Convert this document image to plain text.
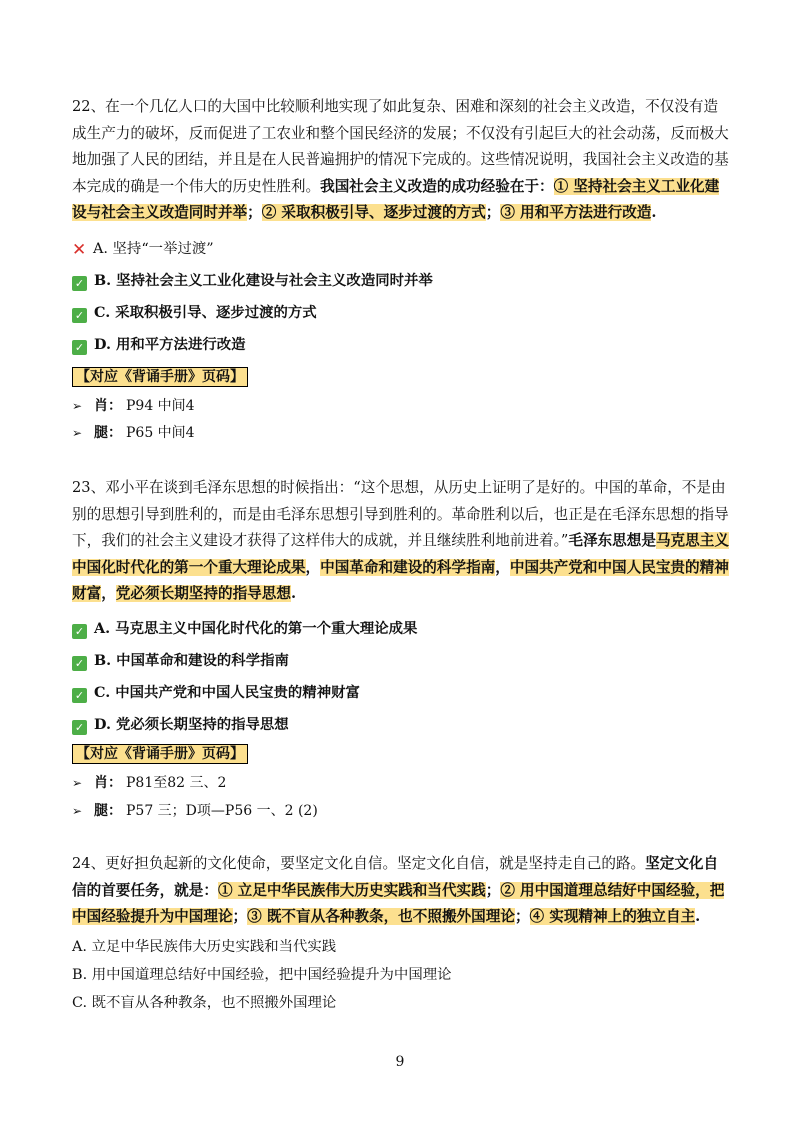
22、在一个几亿人口的大国中比较顺利地实现了如此复杂、困难和深刻的社会主义改造，不仅没有造成生产力的破坏，反而促进了工农业和整个国民经济的发展；不仅没有引起巨大的社会动荡，反而极大地加强了人民的团结，并且是在人民普遍拥护的情况下完成的。这些情况说明，我国社会主义改造的基本完成的确是一个伟大的历史性胜利。我国社会主义改造的成功经验在于：① 坚持社会主义工业化建设与社会主义改造同时并举；② 采取积极引导、逐步过渡的方式；③ 用和平方法进行改造.

✕ A. 坚持“一举过渡”

✓ B. 坚持社会主义工业化建设与社会主义改造同时并举

✓ C. 采取积极引导、逐步过渡的方式

✓ D. 用和平方法进行改造

【对应《背诵手册》页码】

➢ 肖： P94 中间4

➢ 腿： P65 中间4

23、邓小平在谈到毛泽东思想的时候指出：“这个思想，从历史上证明了是好的。中国的革命，不是由别的思想引导到胜利的，而是由毛泽东思想引导到胜利的。革命胜利以后，也正是在毛泽东思想的指导下，我们的社会主义建设才获得了这样伟大的成就，并且继续胜利地前进着。”毛泽东思想是马克思主义中国化时代化的第一个重大理论成果，中国革命和建设的科学指南，中国共产党和中国人民宝贵的精神财富，党必须长期坚持的指导思想.

✓ A. 马克思主义中国化时代化的第一个重大理论成果

✓ B. 中国革命和建设的科学指南

✓ C. 中国共产党和中国人民宝贵的精神财富

✓ D. 党必须长期坚持的指导思想

【对应《背诵手册》页码】

➢ 肖： P81至82 三、2

➢ 腿： P57 三；D项—P56 一、2 (2)

24、更好担负起新的文化使命，要坚定文化自信。坚定文化自信，就是坚持走自己的路。坚定文化自信的首要任务，就是：① 立足中华民族伟大历史实践和当代实践；② 用中国道理总结好中国经验，把中国经验提升为中国理论；③ 既不盲从各种教条，也不照搬外国理论；④ 实现精神上的独立自主.

A. 立足中华民族伟大历史实践和当代实践

B. 用中国道理总结好中国经验，把中国经验提升为中国理论

C. 既不盲从各种教条，也不照搬外国理论

9
